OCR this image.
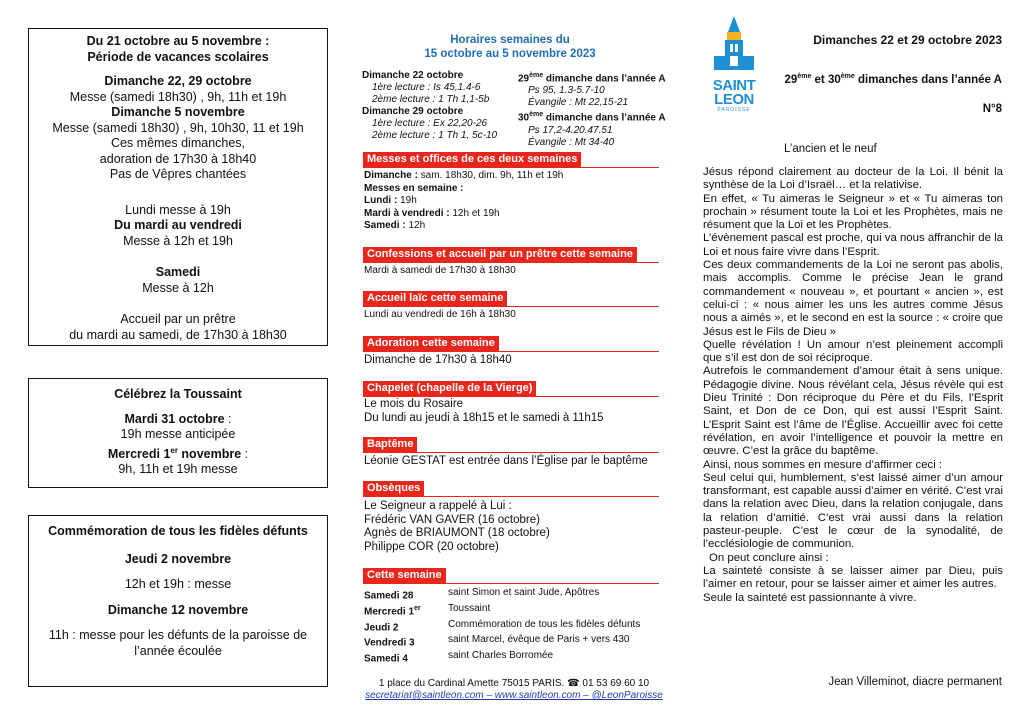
Du 21 octobre au 5 novembre :
Période de vacances scolaires
Dimanche 22, 29 octobre
Messe (samedi 18h30) , 9h, 11h et 19h
Dimanche 5 novembre
Messe (samedi 18h30) , 9h, 10h30, 11 et 19h
Ces mêmes dimanches,
adoration de 17h30 à 18h40
Pas de Vêpres chantées
Lundi messe à 19h
Du mardi au vendredi
Messe à 12h et 19h
Samedi
Messe à 12h
Accueil par un prêtre
du mardi au samedi, de 17h30 à 18h30
Célébrez la Toussaint
Mardi 31 octobre :
19h messe anticipée
Mercredi 1er novembre :
9h, 11h et 19h messe
Commémoration de tous les fidèles défunts
Jeudi 2 novembre
12h et 19h : messe
Dimanche 12 novembre
11h : messe pour les défunts de la paroisse de
l’année écoulée
Horaires semaines du
15 octobre au 5 novembre 2023
Dimanche 22 octobre
1ère lecture : Is 45,1.4-6
2ème lecture : 1 Th 1,1-5b
Dimanche 29 octobre
1ère lecture : Ex 22,20-26
2ème lecture : 1 Th 1, 5c-10
29ème dimanche dans l’année A
Ps 95, 1.3-5.7-10
Évangile : Mt 22,15-21
30ème dimanche dans l’année A
Ps 17,2-4.20.47.51
Évangile : Mt 34-40
Messes et offices de ces deux semaines
Dimanche : sam. 18h30, dim. 9h, 11h et 19h
Messes en semaine :
Lundi : 19h
Mardi à vendredi : 12h et 19h
Samedi : 12h
Confessions et accueil par un prêtre cette semaine
Mardi à samedi de 17h30 à 18h30
Accueil laïc cette semaine
Lundi au vendredi de 16h à 18h30
Adoration cette semaine
Dimanche de 17h30 à 18h40
Chapelet (chapelle de la Vierge)
Le mois du Rosaire
Du lundi au jeudi à 18h15 et le samedi à 11h15
Baptême
Léonie GESTAT est entrée dans l’Église par le baptême
Obsèques
Le Seigneur a rappelé à Lui :
Frédéric VAN GAVER (16 octobre)
Agnès de BRIAUMONT (18 octobre)
Philippe COR (20 octobre)
Cette semaine
Samedi 28	saint Simon et saint Jude, Apôtres
Mercredi 1er	Toussaint
Jeudi 2	Commémoration de tous les fidèles défunts
Vendredi 3	saint Marcel, évêque de Paris + vers 430
Samedi 4	saint Charles Borromée
1 place du Cardinal Amette 75015 PARIS. ☎ 01 53 69 60 10
secretariat@saintleon.com – www.saintleon.com – @LeonParoisse
SAINT
LEON
PAROISSE
Dimanches 22 et 29 octobre 2023
29ème et 30ème dimanches dans l’année A
N°8
L’ancien et le neuf

Jésus répond clairement au docteur de la Loi. Il bénit la synthèse de la Loi d’Israël… et la relativise.

En effet, « Tu aimeras le Seigneur » et « Tu aimeras ton prochain » résument toute la Loi et les Prophètes, mais ne résument que la Loi et les Prophètes.

L’évènement pascal est proche, qui va nous affranchir de la Loi et nous faire vivre dans l’Esprit.

Ces deux commandements de la Loi ne seront pas abolis, mais accomplis. Comme le précise Jean le grand commandement « nouveau », et pourtant « ancien », est celui-ci : « nous aimer les uns les autres comme Jésus nous a aimés », et le second en est la source : « croire que Jésus est le Fils de Dieu »

Quelle révélation ! Un amour n’est pleinement accompli que s’il est don de soi réciproque.

Autrefois le commandement d’amour était à sens unique. Pédagogie divine. Nous révélant cela, Jésus révèle qui est Dieu Trinité : Don réciproque du Père et du Fils, l’Esprit Saint, et Don de ce Don, qui est aussi l’Esprit Saint. L’Esprit Saint est l’âme de l’Église. Accueillir avec foi cette révélation, en avoir l’intelligence et pouvoir la mettre en œuvre. C’est la grâce du baptême.

Ainsi, nous sommes en mesure d’affirmer ceci :

Seul celui qui, humblement, s’est laissé aimer d’un amour transformant, est capable aussi d’aimer en vérité. C’est vrai dans la relation avec Dieu, dans la relation conjugale, dans la relation d’amitié. C’est vrai aussi dans la relation pasteur-peuple. C’est le cœur de la synodalité, de l’ecclésiologie de communion.

On peut conclure ainsi :

La sainteté consiste à se laisser aimer par Dieu, puis l’aimer en retour, pour se laisser aimer et aimer les autres.

Seule la sainteté est passionnante à vivre.

Jean Villeminot, diacre permanent
